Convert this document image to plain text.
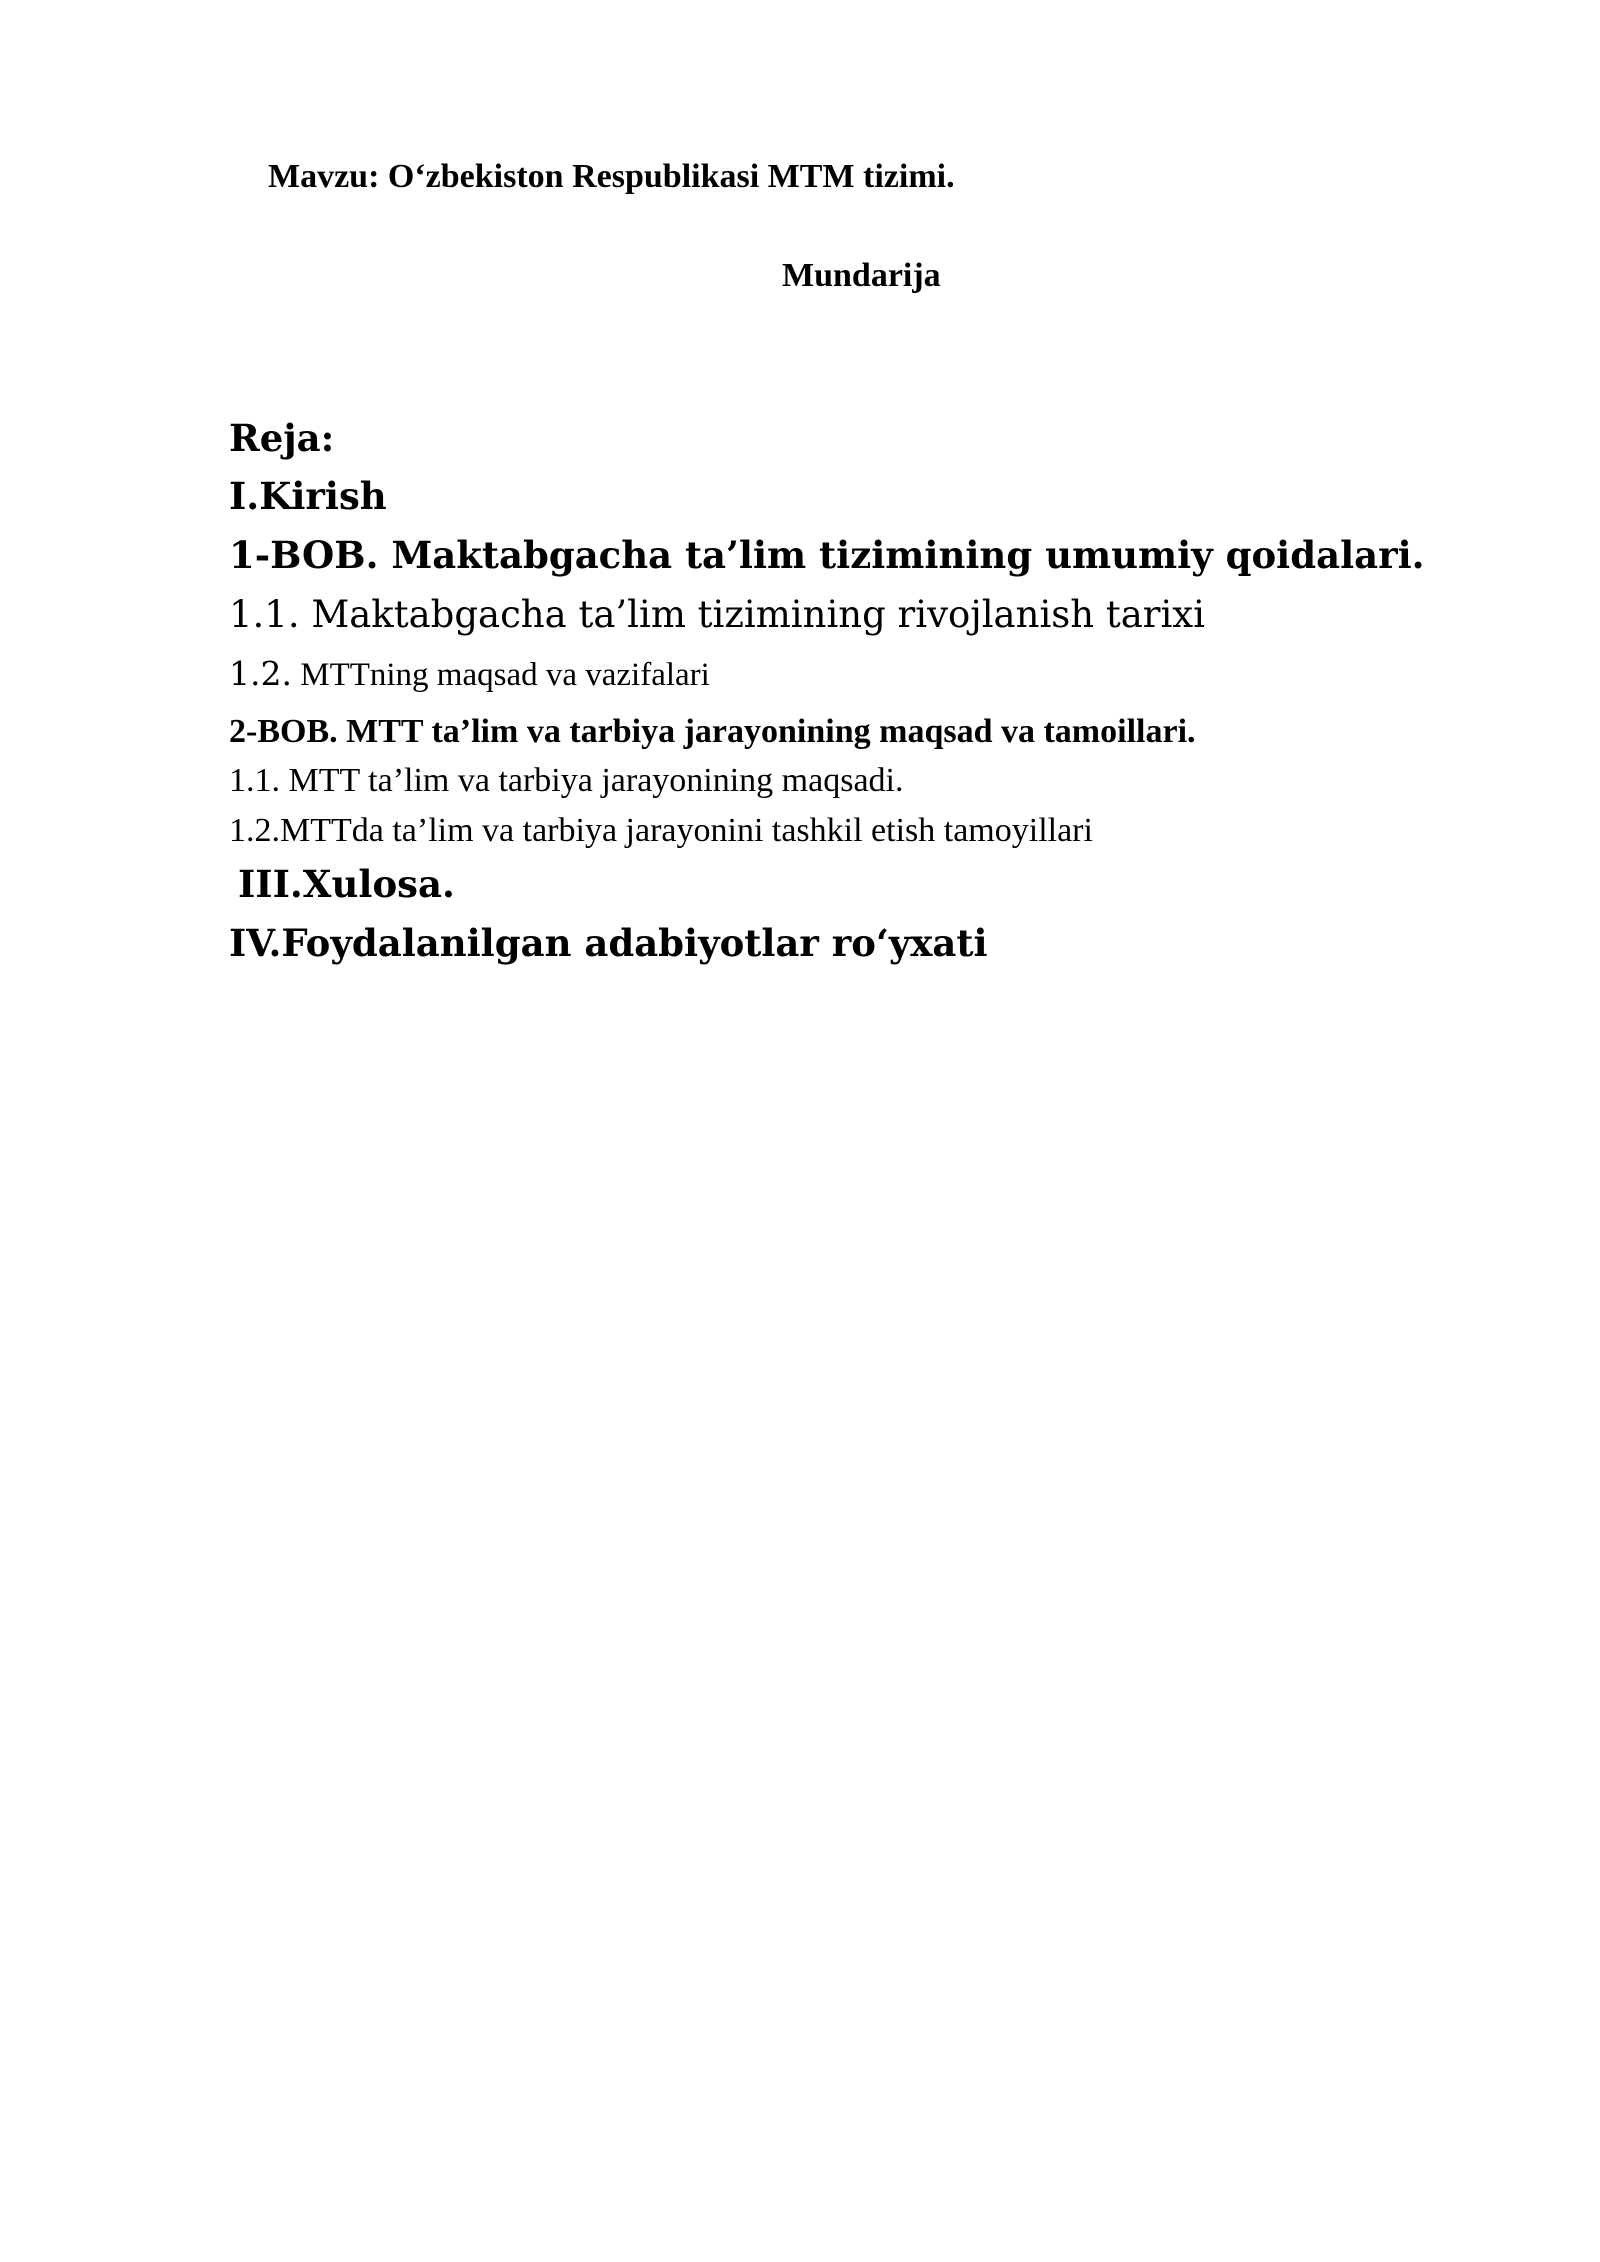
Mavzu: O‘zbekiston Respublikasi MTM tizimi.
Mundarija
Reja:
I.Kirish
1-BOB. Maktabgacha ta’lim tizimining umumiy qoidalari.
1.1. Maktabgacha ta’lim tizimining rivojlanish tarixi
1.2. MTTning maqsad va vazifalari
2-BOB. MTT ta’lim va tarbiya jarayonining maqsad va tamoillari.
1.1. MTT ta’lim va tarbiya jarayonining maqsadi.
1.2.MTTda ta’lim va tarbiya jarayonini tashkil etish tamoyillari
III.Xulosa.
IV.Foydalanilgan adabiyotlar ro‘yxati
